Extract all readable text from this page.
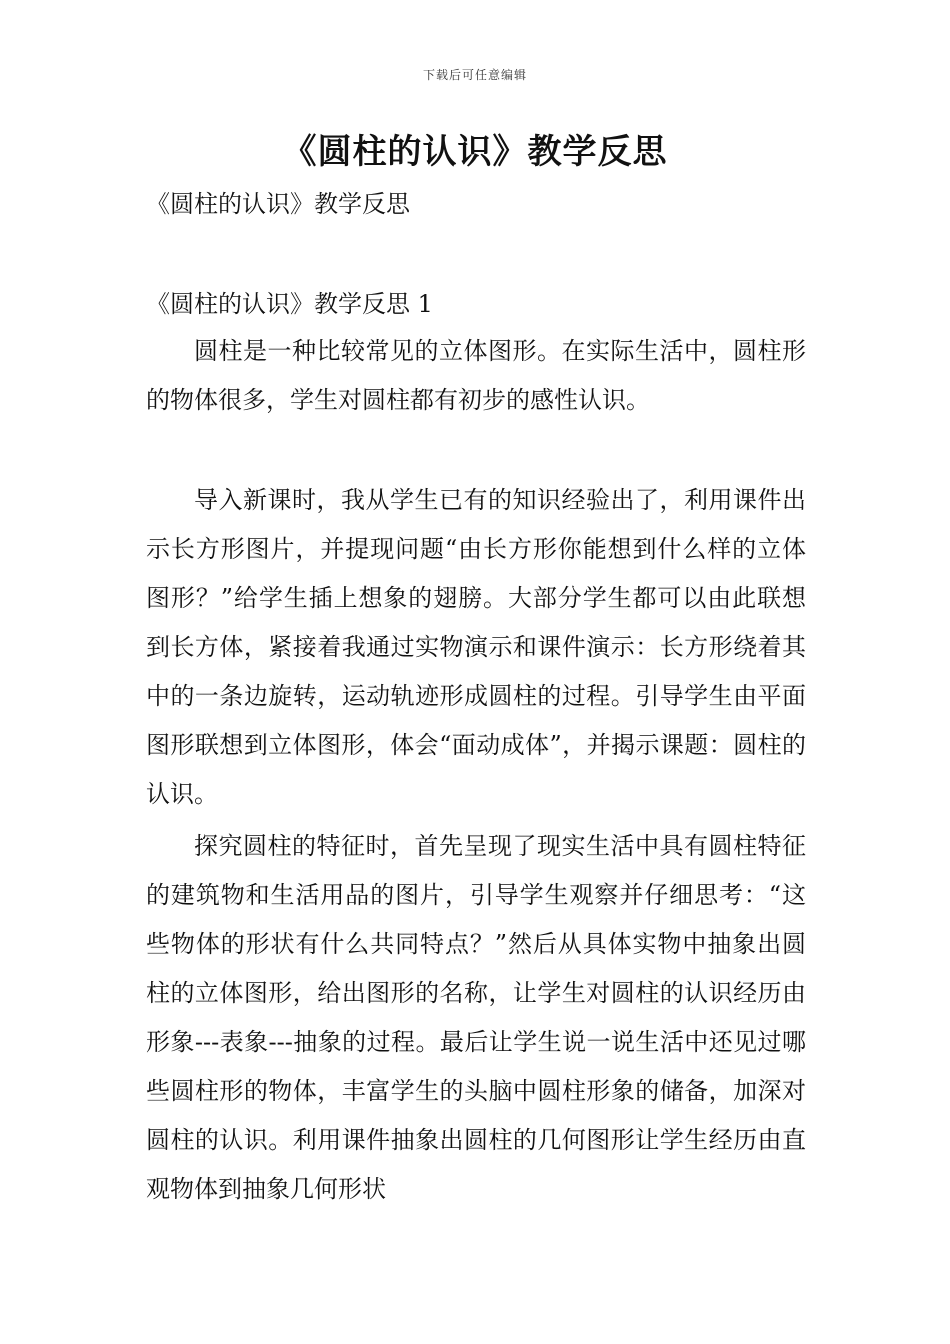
下载后可任意编辑
《圆柱的认识》教学反思

《圆柱的认识》教学反思

《圆柱的认识》教学反思 1

圆柱是一种比较常见的立体图形。在实际生活中，圆柱形的物体很多，学生对圆柱都有初步的感性认识。

导入新课时，我从学生已有的知识经验出了，利用课件出示长方形图片，并提现问题“由长方形你能想到什么样的立体图形？”给学生插上想象的翅膀。大部分学生都可以由此联想到长方体，紧接着我通过实物演示和课件演示：长方形绕着其中的一条边旋转，运动轨迹形成圆柱的过程。引导学生由平面图形联想到立体图形，体会“面动成体”，并揭示课题：圆柱的认识。

探究圆柱的特征时，首先呈现了现实生活中具有圆柱特征的建筑物和生活用品的图片，引导学生观察并仔细思考：“这些物体的形状有什么共同特点？”然后从具体实物中抽象出圆柱的立体图形，给出图形的名称，让学生对圆柱的认识经历由形象---表象---抽象的过程。最后让学生说一说生活中还见过哪些圆柱形的物体，丰富学生的头脑中圆柱形象的储备，加深对圆柱的认识。利用课件抽象出圆柱的几何图形让学生经历由直观物体到抽象几何形状
